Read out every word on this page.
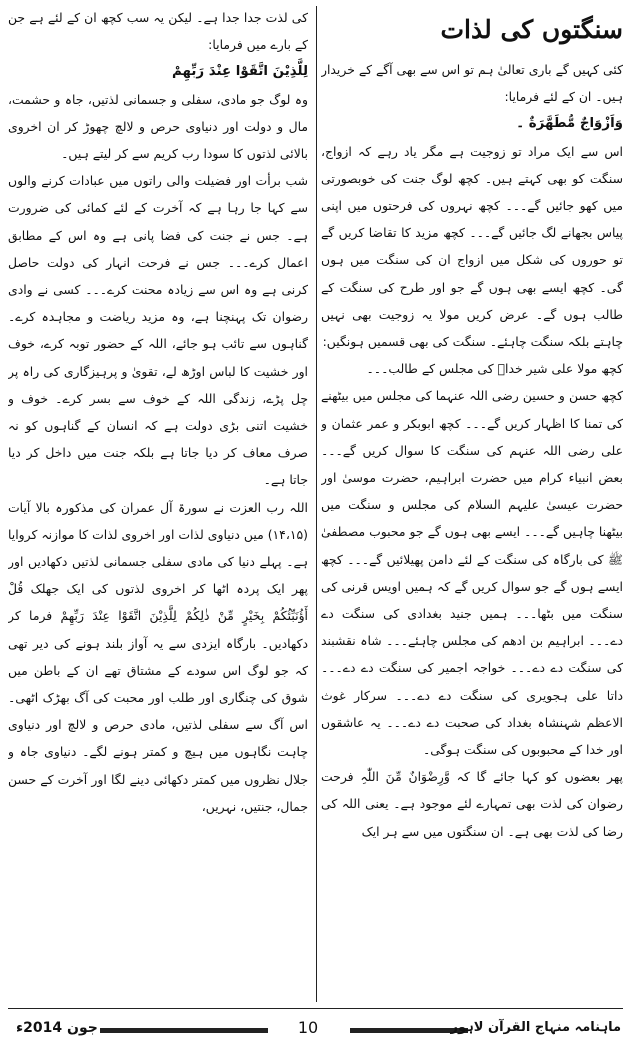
سنگتوں کی لذات

کئی کہیں گے باری تعالیٰ ہم تو اس سے بھی آگے کے خریدار ہیں۔ ان کے لئے فرمایا:

وَاَزْوَاجٌ مُّطَهَّرَةٌ ۔

اس سے ایک مراد تو زوجیت ہے مگر یاد رہے کہ ازواج، سنگت کو بھی کہتے ہیں۔ کچھ لوگ جنت کی خوبصورتی میں کھو جائیں گے۔۔۔ کچھ نہروں کی فرحتوں میں اپنی پیاس بجھانے لگ جائیں گے۔۔۔ کچھ مزید کا تقاضا کریں گے تو حوروں کی شکل میں ازواج ان کی سنگت میں ہوں گی۔ کچھ ایسے بھی ہوں گے جو اور طرح کی سنگت کے طالب ہوں گے۔ عرض کریں مولا یہ زوجیت بھی نہیں چاہتے بلکہ سنگت چاہئے۔ سنگت کی بھی قسمیں ہونگیں:

کچھ مولا علی شیر خداؑ کی مجلس کے طالب۔۔۔

کچھ حسن و حسین رضی اللہ عنہما کی مجلس میں بیٹھنے کی تمنا کا اظہار کریں گے۔۔۔ کچھ ابوبکر و عمر عثمان و علی رضی اللہ عنہم کی سنگت کا سوال کریں گے۔۔۔ بعض انبیاء کرام میں حضرت ابراہیم، حضرت موسیٰ اور حضرت عیسیٰ علیہم السلام کی مجلس و سنگت میں بیٹھنا چاہیں گے۔۔۔ ایسے بھی ہوں گے جو محبوب مصطفیٰ ﷺ کی بارگاہ کی سنگت کے لئے دامن پھیلائیں گے۔۔۔ کچھ ایسے ہوں گے جو سوال کریں گے کہ ہمیں اویس قرنی کی سنگت میں بٹھا۔۔۔ ہمیں جنید بغدادی کی سنگت دے دے۔۔۔ ابراہیم بن ادھم کی مجلس چاہئے۔۔۔ شاہ نقشبند کی سنگت دے دے۔۔۔ خواجہ اجمیر کی سنگت دے دے۔۔۔ داتا علی ہجویری کی سنگت دے دے۔۔۔ سرکار غوث الاعظم شہنشاہ بغداد کی صحبت دے دے۔۔۔ یہ عاشقوں اور خدا کے محبوبوں کی سنگت ہوگی۔

پھر بعضوں کو کہا جائے گا کہ وَّرِضْوَانٌ مِّنَ اللّٰہِ فرحت رضوان کی لذت بھی تمہارے لئے موجود ہے۔ یعنی اللہ کی رضا کی لذت بھی ہے۔ ان سنگتوں میں سے ہر ایک

کی لذت جدا جدا ہے۔ لیکن یہ سب کچھ ان کے لئے ہے جن کے بارے میں فرمایا:

لِلَّذِيْنَ اتَّقَوْا عِنْدَ رَبِّهِمْ

وہ لوگ جو مادی، سفلی و جسمانی لذتیں، جاہ و حشمت، مال و دولت اور دنیاوی حرص و لالچ چھوڑ کر ان اخروی بالائی لذتوں کا سودا رب کریم سے کر لیتے ہیں۔

شب برأت اور فضیلت والی راتوں میں عبادات کرنے والوں سے کہا جا رہا ہے کہ آخرت کے لئے کمائی کی ضرورت ہے۔ جس نے جنت کی فضا پانی ہے وہ اس کے مطابق اعمال کرے۔۔۔ جس نے فرحت انہار کی دولت حاصل کرنی ہے وہ اس سے زیادہ محنت کرے۔۔۔ کسی نے وادی رضوان تک پہنچنا ہے، وہ مزید ریاضت و مجاہدہ کرے۔ گناہوں سے تائب ہو جائے، اللہ کے حضور توبہ کرے، خوف اور خشیت کا لباس اوڑھ لے، تقویٰ و پرہیزگاری کی راہ پر چل پڑے، زندگی اللہ کے خوف سے بسر کرے۔ خوف و خشیت اتنی بڑی دولت ہے کہ انسان کے گناہوں کو نہ صرف معاف کر دیا جاتا ہے بلکہ جنت میں داخل کر دیا جاتا ہے۔

اللہ رب العزت نے سورۃ آل عمران کی مذکورہ بالا آیات (۱۴،۱۵) میں دنیاوی لذات اور اخروی لذات کا موازنہ کروایا ہے۔ پہلے دنیا کی مادی سفلی جسمانی لذتیں دکھادیں اور پھر ایک پردہ اٹھا کر اخروی لذتوں کی ایک جھلک قُلْ أَؤُنَبِّئُكُمْ بِخَيْرٍ مِّنْ ذٰلِكُمْ لِلَّذِيْنَ اتَّقَوْا عِنْدَ رَبِّهِمْ فرما کر دکھادیں۔ بارگاہ ایزدی سے یہ آواز بلند ہونے کی دیر تھی کہ جو لوگ اس سودے کے مشتاق تھے ان کے باطن میں شوق کی چنگاری اور طلب اور محبت کی آگ بھڑک اٹھی۔ اس آگ سے سفلی لذتیں، مادی حرص و لالچ اور دنیاوی چاہت نگاہوں میں ہیچ و کمتر ہونے لگے۔ دنیاوی جاہ و جلال نظروں میں کمتر دکھائی دینے لگا اور آخرت کے حسن جمال، جنتیں، نہریں،

جون 2014ء	10	ماہنامہ منہاج القرآن لاہور
